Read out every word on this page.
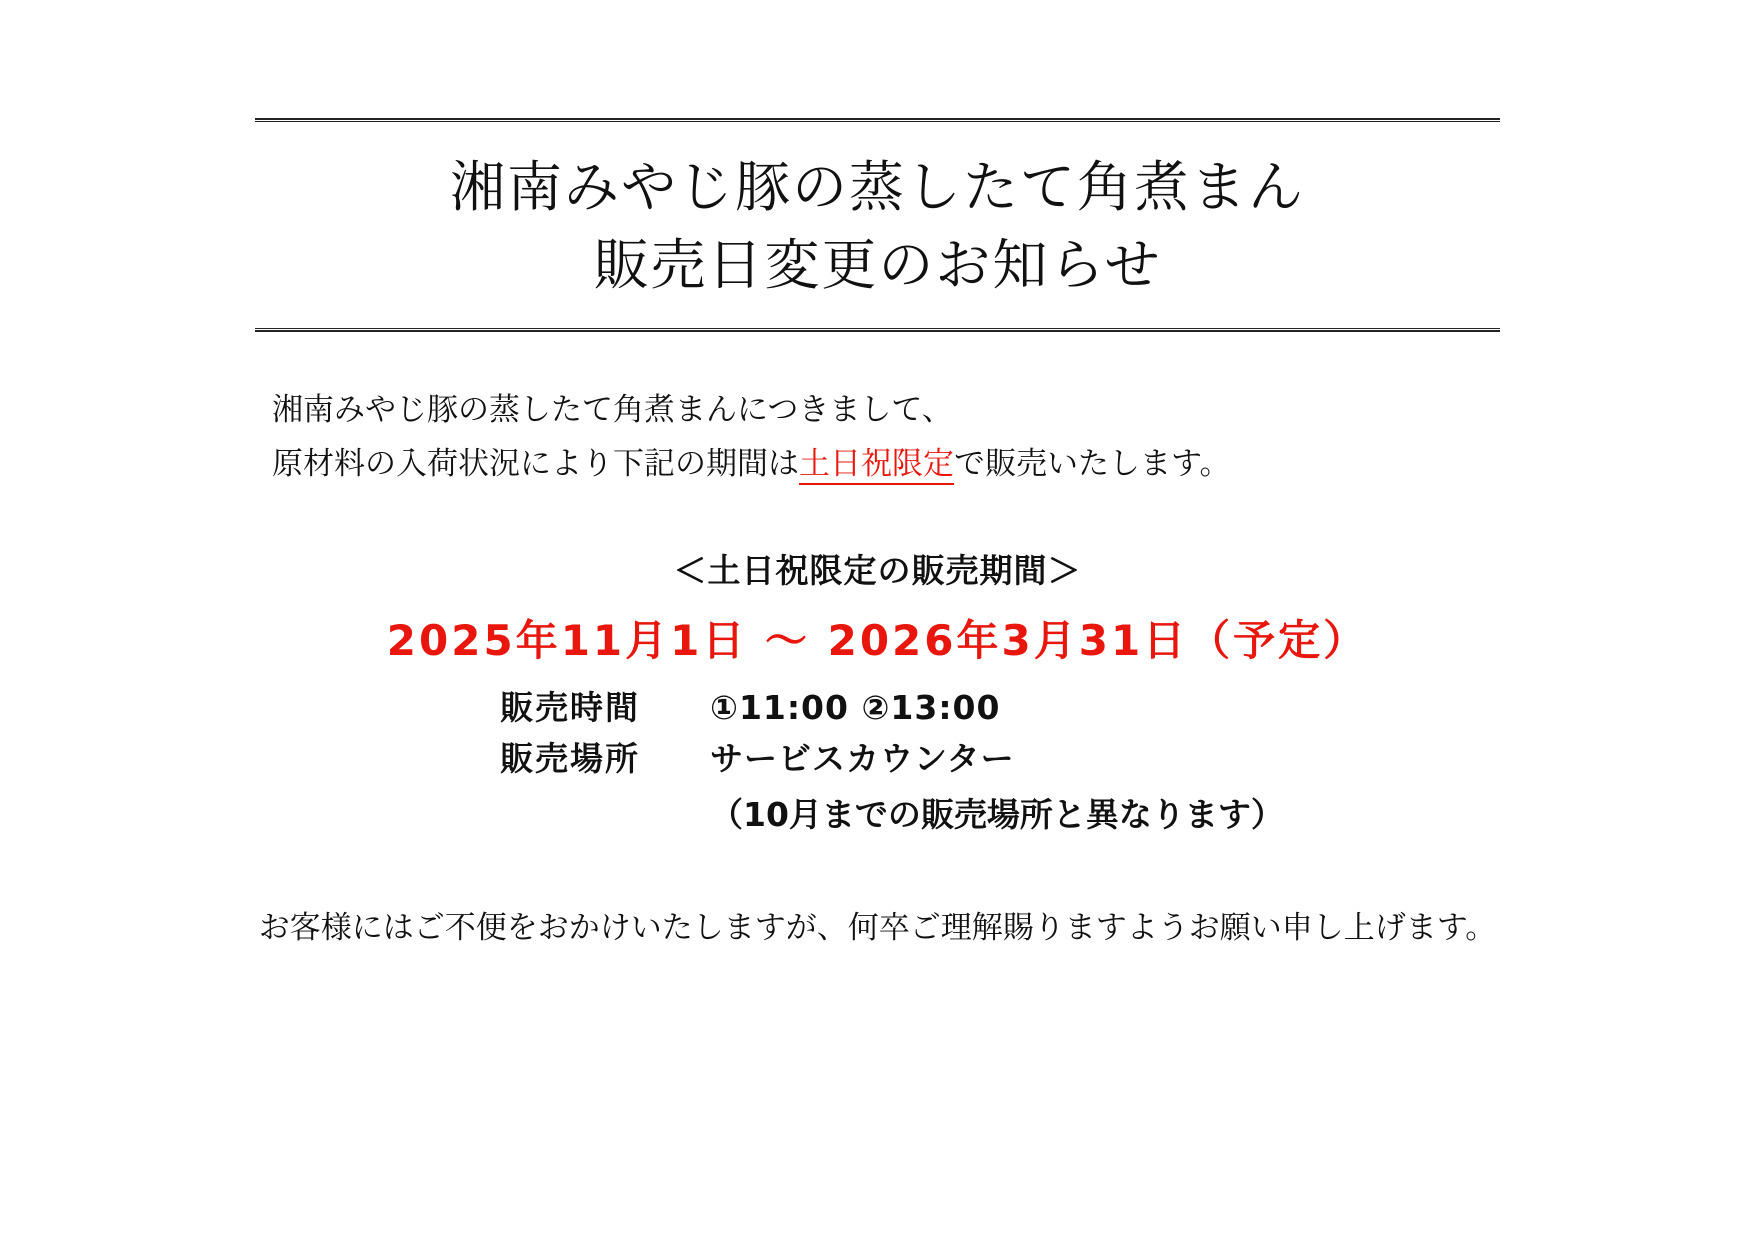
湘南みやじ豚の蒸したて角煮まん
販売日変更のお知らせ
湘南みやじ豚の蒸したて角煮まんにつきまして、
原材料の入荷状況により下記の期間は土日祝限定で販売いたします。
＜土日祝限定の販売期間＞
2025年11月1日 ～ 2026年3月31日（予定）
販売時間	①11:00 ②13:00
販売場所	サービスカウンター
（10月までの販売場所と異なります）
お客様にはご不便をおかけいたしますが、何卒ご理解賜りますようお願い申し上げます。
